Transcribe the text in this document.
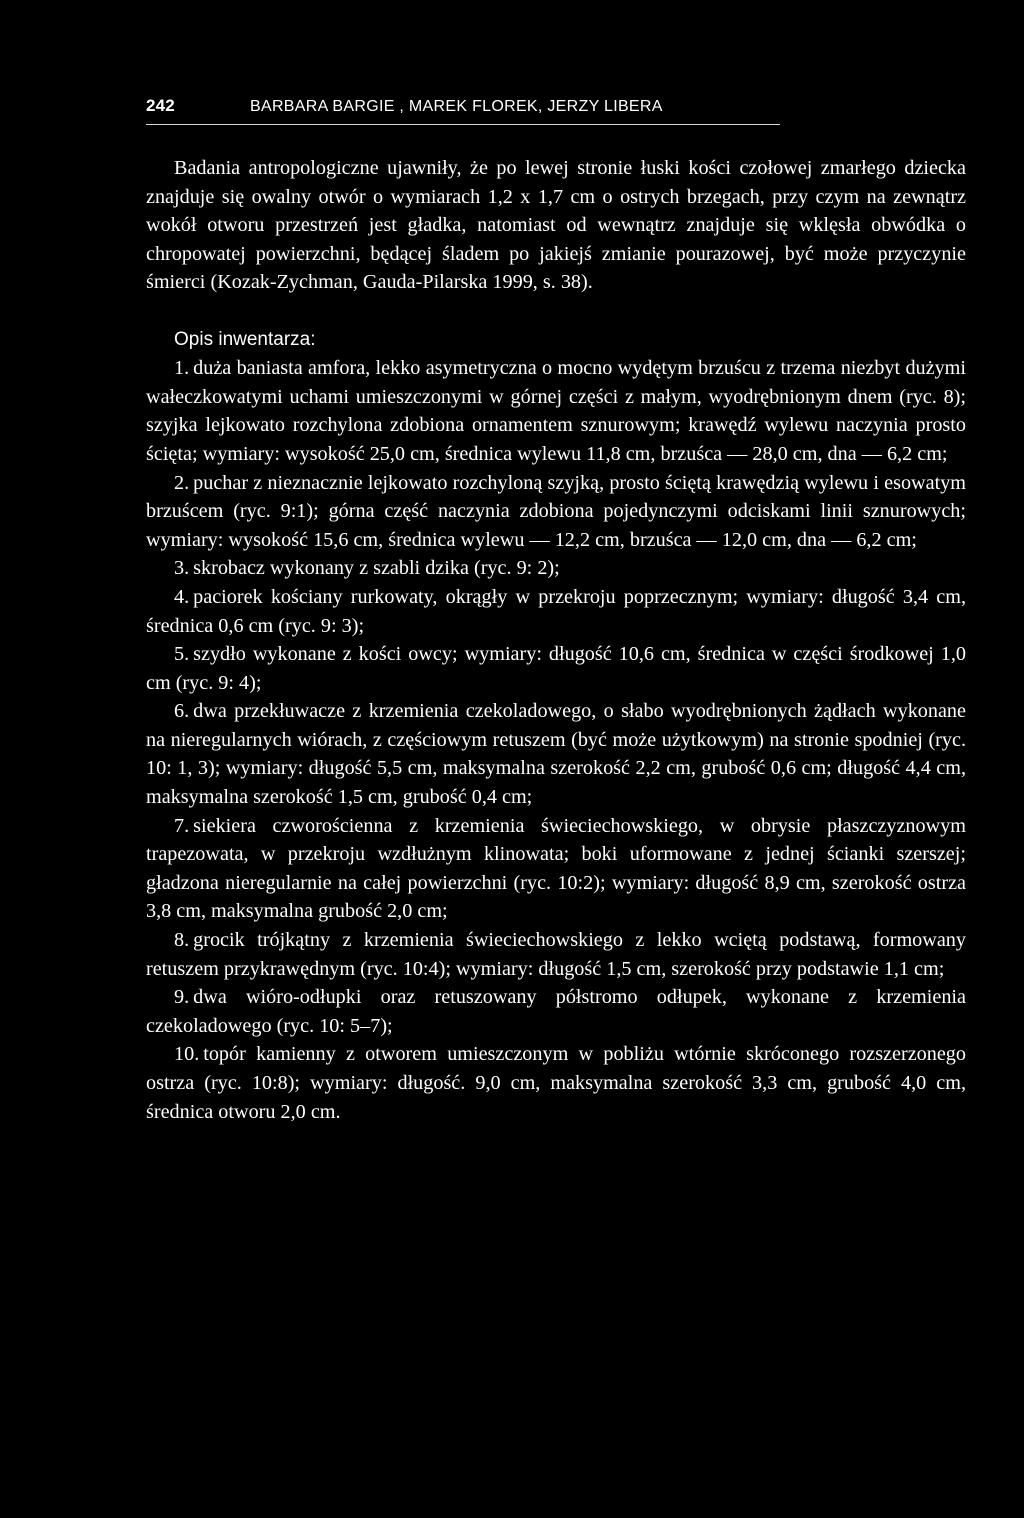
242	BARBARA BARGIE , MAREK FLOREK, JERZY LIBERA

Badania antropologiczne ujawniły, że po lewej stronie łuski kości czołowej zmarłego dziecka znajduje się owalny otwór o wymiarach 1,2 x 1,7 cm o ostrych brzegach, przy czym na zewnątrz wokół otworu przestrzeń jest gładka, natomiast od wewnątrz znajduje się wklęsła obwódka o chropowatej powierzchni, będącej śladem po jakiejś zmianie pourazowej, być może przyczynie śmierci (Kozak-Zychman, Gauda-Pilarska 1999, s. 38).

Opis inwentarza:

1. duża baniasta amfora, lekko asymetryczna o mocno wydętym brzuścu z trzema niezbyt dużymi wałeczkowatymi uchami umieszczonymi w górnej części z małym, wyodrębnionym dnem (ryc. 8); szyjka lejkowato rozchylona zdobiona ornamentem sznurowym; krawędź wylewu naczynia prosto ścięta; wymiary: wysokość 25,0 cm, średnica wylewu 11,8 cm, brzuśca — 28,0 cm, dna — 6,2 cm;

2. puchar z nieznacznie lejkowato rozchyloną szyjką, prosto ściętą krawędzią wylewu i esowatym brzuścem (ryc. 9:1); górna część naczynia zdobiona pojedynczymi odciskami linii sznurowych; wymiary: wysokość 15,6 cm, średnica wylewu — 12,2 cm, brzuśca — 12,0 cm, dna — 6,2 cm;

3. skrobacz wykonany z szabli dzika (ryc. 9: 2);

4. paciorek kościany rurkowaty, okrągły w przekroju poprzecznym; wymiary: długość 3,4 cm, średnica 0,6 cm (ryc. 9: 3);

5. szydło wykonane z kości owcy; wymiary: długość 10,6 cm, średnica w części środkowej 1,0 cm (ryc. 9: 4);

6. dwa przekłuwacze z krzemienia czekoladowego, o słabo wyodrębnionych żądłach wykonane na nieregularnych wiórach, z częściowym retuszem (być może użytkowym) na stronie spodniej (ryc. 10: 1, 3); wymiary: długość 5,5 cm, maksymalna szerokość 2,2 cm, grubość 0,6 cm; długość 4,4 cm, maksymalna szerokość 1,5 cm, grubość 0,4 cm;

7. siekiera czworościenna z krzemienia świeciechowskiego, w obrysie płaszczyznowym trapezowata, w przekroju wzdłużnym klinowata; boki uformowane z jednej ścianki szerszej; gładzona nieregularnie na całej powierzchni (ryc. 10:2); wymiary: długość 8,9 cm, szerokość ostrza 3,8 cm, maksymalna grubość 2,0 cm;

8. grocik trójkątny z krzemienia świeciechowskiego z lekko wciętą podstawą, formowany retuszem przykrawędnym (ryc. 10:4); wymiary: długość 1,5 cm, szerokość przy podstawie 1,1 cm;

9. dwa wióro-odłupki oraz retuszowany półstromo odłupek, wykonane z krzemienia czekoladowego (ryc. 10: 5–7);

10. topór kamienny z otworem umieszczonym w pobliżu wtórnie skróconego rozszerzonego ostrza (ryc. 10:8); wymiary: długość. 9,0 cm, maksymalna szerokość 3,3 cm, grubość 4,0 cm, średnica otworu 2,0 cm.
